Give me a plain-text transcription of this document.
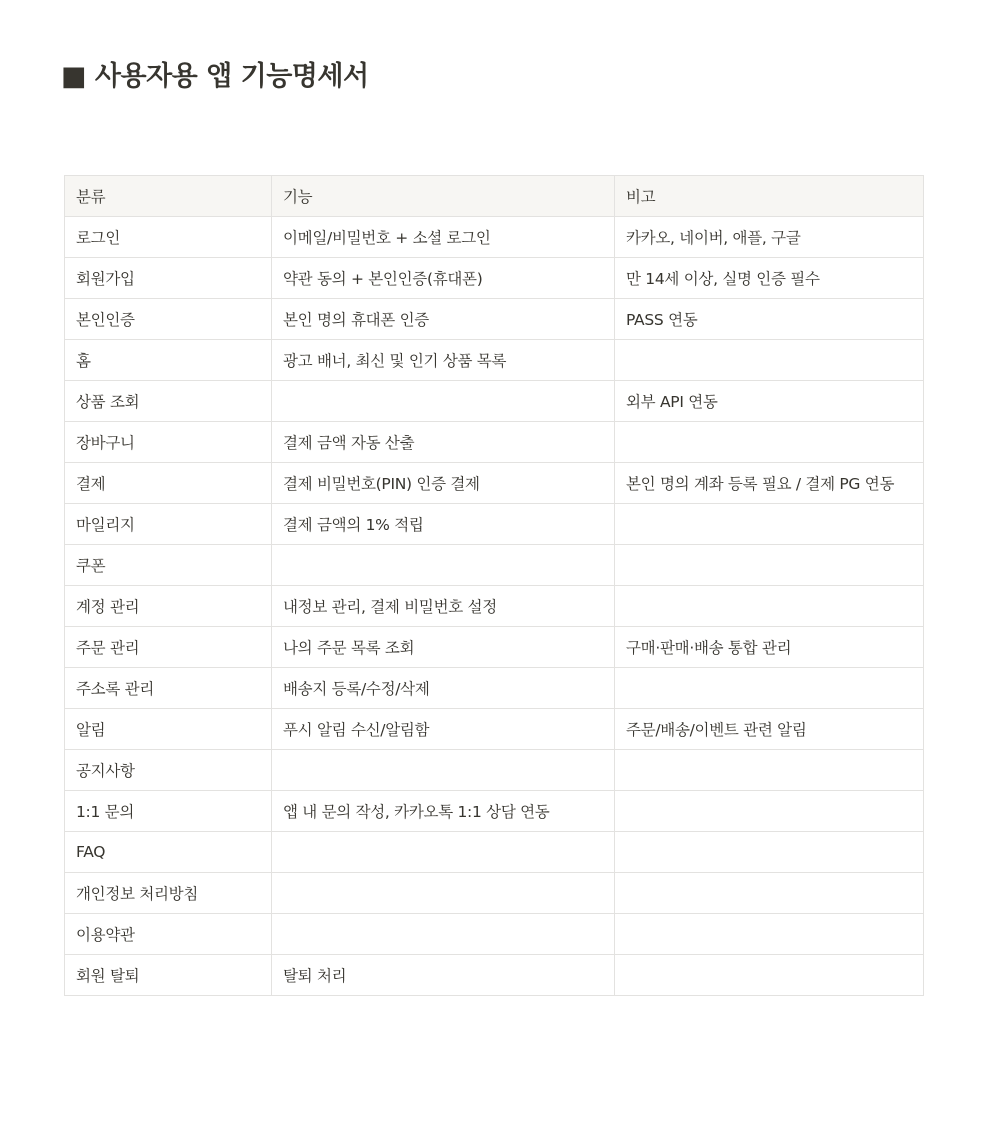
■ 사용자용 앱 기능명세서
분류	기능	비고
로그인	이메일/비밀번호 + 소셜 로그인	카카오, 네이버, 애플, 구글
회원가입	약관 동의 + 본인인증(휴대폰)	만 14세 이상, 실명 인증 필수
본인인증	본인 명의 휴대폰 인증	PASS 연동
홈	광고 배너, 최신 및 인기 상품 목록	
상품 조회		외부 API 연동
장바구니	결제 금액 자동 산출	
결제	결제 비밀번호(PIN) 인증 결제	본인 명의 계좌 등록 필요 / 결제 PG 연동
마일리지	결제 금액의 1% 적립	
쿠폰		
계정 관리	내정보 관리, 결제 비밀번호 설정	
주문 관리	나의 주문 목록 조회	구매·판매·배송 통합 관리
주소록 관리	배송지 등록/수정/삭제	
알림	푸시 알림 수신/알림함	주문/배송/이벤트 관련 알림
공지사항		
1:1 문의	앱 내 문의 작성, 카카오톡 1:1 상담 연동	
FAQ		
개인정보 처리방침		
이용약관		
회원 탈퇴	탈퇴 처리	
